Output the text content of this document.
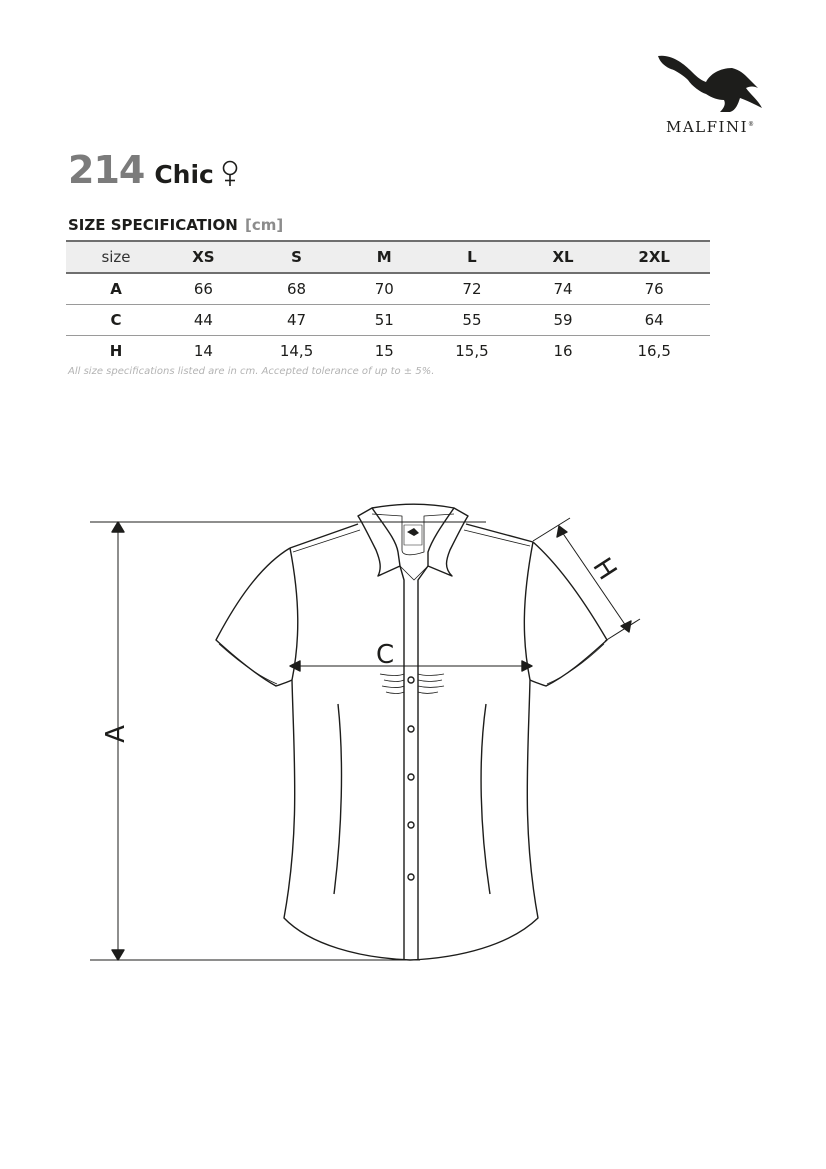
MALFINI®
214 Chic
SIZE SPECIFICATION [cm]
size	XS	S	M	L	XL	2XL
A	66	68	70	72	74	76
C	44	47	51	55	59	64
H	14	14,5	15	15,5	16	16,5
All size specifications listed are in cm. Accepted tolerance of up to ± 5%.
A
C
H
